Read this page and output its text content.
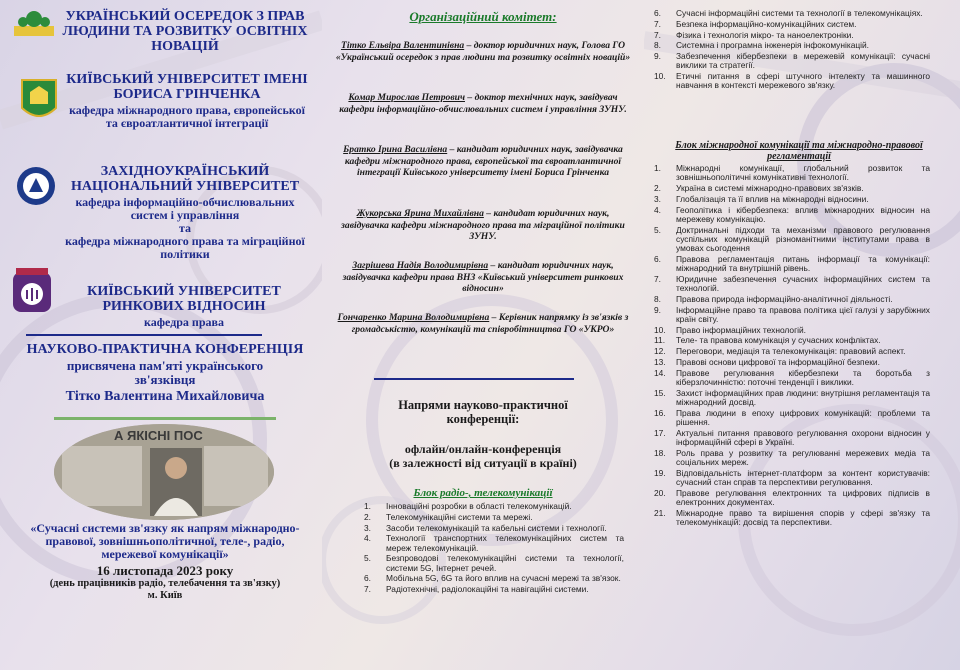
УКРАЇНСЬКИЙ ОСЕРЕДОК З ПРАВ ЛЮДИНИ ТА РОЗВИТКУ ОСВІТНІХ НОВАЦІЙ
КИЇВСЬКИЙ УНІВЕРСИТЕТ ІМЕНІ БОРИСА ГРІНЧЕНКА
кафедра міжнародного права, європейської та євроатлантичної інтеграції
ЗАХІДНОУКРАЇНСЬКИЙ НАЦІОНАЛЬНИЙ УНІВЕРСИТЕТ
кафедра інформаційно-обчислювальних систем і управління
та
кафедра міжнародного права та міграційної політики
КИЇВСЬКИЙ УНІВЕРСИТЕТ РИНКОВИХ ВІДНОСИН
кафедра права
НАУКОВО-ПРАКТИЧНА КОНФЕРЕНЦІЯ
присвячена пам'яті українського зв'язківця
Тітко Валентина Михайловича
А ЯКІСНІ ПОС
«Сучасні системи зв'язку як напрям міжнародно-правової, зовнішньополітичної, теле-, радіо, мережевої комунікації»
16 листопада 2023 року
(день працівників радіо, телебачення та зв'язку)
м. Київ
Організаційний комітет:
Тітко Ельвіра Валентинівна – доктор юридичних наук, Голова ГО «Український осередок з прав людини та розвитку освітніх новацій»
Комар Мирослав Петрович – доктор технічних наук, завідувач кафедри інформаційно-обчислювальних систем і управління ЗУНУ.
Братко Ірина Василівна – кандидат юридичних наук, завідувачка кафедри міжнародного права, європейської та євроатлантичної інтеграції Київського університету імені Бориса Грінченка
Жукорська Ярина Михайлівна – кандидат юридичних наук, завідувачка кафедри міжнародного права та міграційної політики ЗУНУ.
Загрішева Надія Володимирівна – кандидат юридичних наук, завідувачка кафедри права ВНЗ «Київський університет ринкових відносин»
Гончаренко Марина Володимирівна – Керівник напрямку із зв'язків з громадськістю, комунікацій та співробітництва ГО «УКРО»
Напрями науково-практичної конференції:
офлайн/онлайн-конференція
(в залежності від ситуації в країні)
Блок радіо-, телекомунікації
1. Інноваційні розробки в області телекомунікацій.
2. Телекомунікаційні системи та мережі.
3. Засоби телекомунікацій та кабельні системи і технології.
4. Технології транспортних телекомунікаційних систем та мереж телекомунікацій.
5. Безпроводові телекомунікаційні системи та технології, системи 5G, Інтернет речей.
6. Мобільна 5G, 6G та його вплив на сучасні мережі та зв'язок.
7. Радіотехнічні, радіолокаційні та навігаційні системи.
6. Сучасні інформаційні системи та технології в телекомунікаціях.
7. Безпека інформаційно-комунікаційних систем.
7. Фізика і технологія мікро- та наноелектроніки.
8. Системна і програмна інженерія інфокомунікацій.
9. Забезпечення кібербезпеки в мережевій комунікації: сучасні виклики та стратегії.
10. Етичні питання в сфері штучного інтелекту та машинного навчання в контексті мережевого зв'язку.
Блок міжнародної комунікації та міжнародно-правової регламентації
1. Міжнародні комунікації, глобальний розвиток та зовнішньополітичні комунікативні технології.
2. Україна в системі міжнародно-правових зв'язків.
3. Глобалізація та її вплив на міжнародні відносини.
4. Геополітика і кібербезпека: вплив міжнародних відносин на мережеву комунікацію.
5. Доктринальні підходи та механізми правового регулювання суспільних комунікацій різноманітними інститутами права в умовах сьогодення
6. Правова регламентація питань інформації та комунікації: міжнародний та внутрішній рівень.
7. Юридичне забезпечення сучасних інформаційних систем та технологій.
8. Правова природа інформаційно-аналітичної діяльності.
9. Інформаційне право та правова політика цієї галузі у зарубіжних країн світу.
10. Право інформаційних технологій.
11. Теле- та правова комунікація у сучасних конфліктах.
12. Переговори, медіація та телекомунікація: правовий аспект.
13. Правові основи цифрової та інформаційної безпеки.
14. Правове регулювання кібербезпеки та боротьба з кіберзлочинністю: поточні тенденції і виклики.
15. Захист інформаційних прав людини: внутрішня регламентація та міжнародний досвід.
16. Права людини в епоху цифрових комунікацій: проблеми та рішення.
17. Актуальні питання правового регулювання охорони відносин у інформаційній сфері в Україні.
18. Роль права у розвитку та регулюванні мережевих медіа та соціальних мереж.
19. Відповідальність інтернет-платформ за контент користувачів: сучасний стан справ та перспективи регулювання.
20. Правове регулювання електронних та цифрових підписів в електронних документах.
21. Міжнародне право та вирішення спорів у сфері зв'язку та телекомунікацій: досвід та перспективи.
